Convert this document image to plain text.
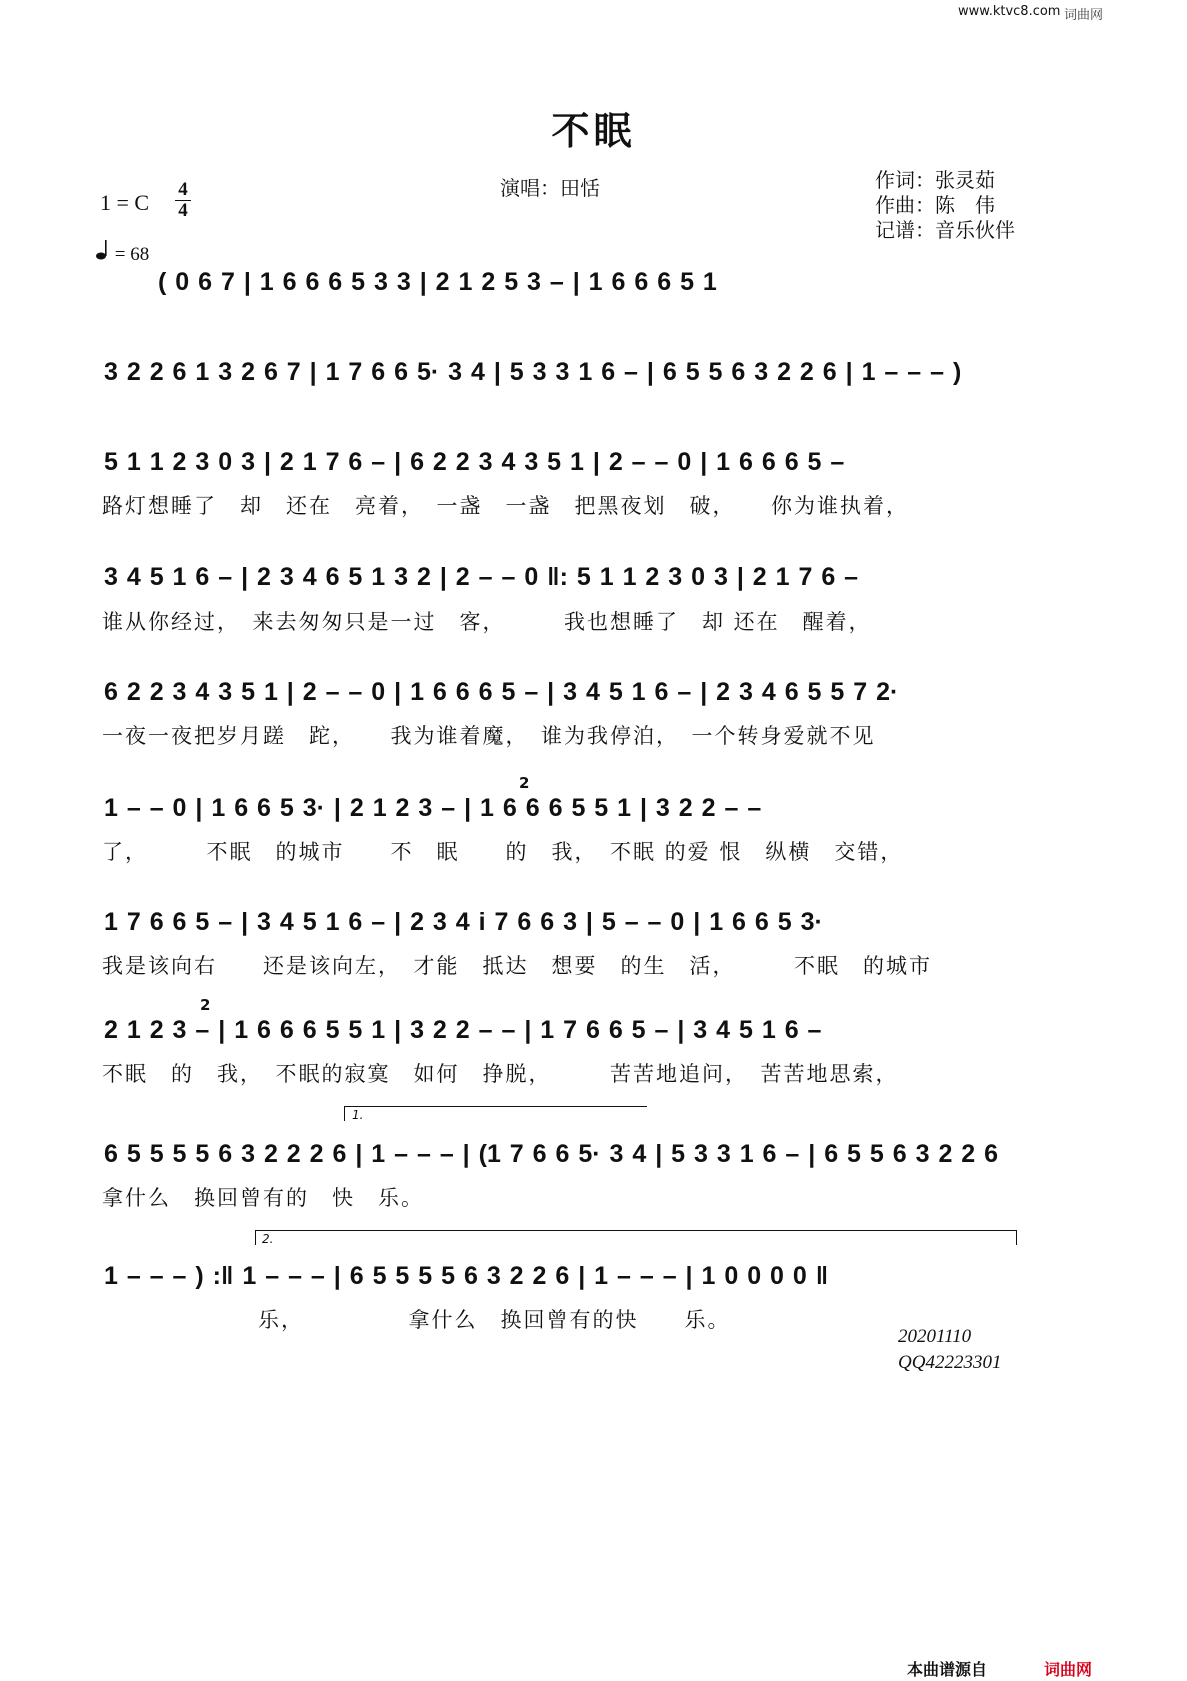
www.ktvc8.com 词曲网
不眠
演唱：田恬	作词：张灵茹
作曲：陈　伟
记谱：音乐伙伴
1 = C
4
4
= 68
( 0 6 7 | 1 6 6 6 5 3 3 | 2 1 2 5 3 – | 1 6 6 6 5 1
3 2 2 6 1 3 2 6 7 | 1 7 6 6 5· 3 4 | 5 3 3 1 6 – | 6 5 5 6 3 2 2 6 | 1 – – – )
5 1 1 2 3 0 3 | 2 1 7 6 – | 6 2 2 3 4 3 5 1 | 2 – – 0 | 1 6 6 6 5 –
路灯想睡了　却　还在　亮着，　一盏　一盏　把黑夜划　破，　　你为谁执着，
3 4 5 1 6 – | 2 3 4 6 5 1 3 2 | 2 – – 0 ‖: 5 1 1 2 3 0 3 | 2 1 7 6 –
谁从你经过，　来去匆匆只是一过　客，　　　我也想睡了　却 还在　醒着，
6 2 2 3 4 3 5 1 | 2 – – 0 | 1 6 6 6 5 – | 3 4 5 1 6 – | 2 3 4 6 5 5 7 2·
一夜一夜把岁月蹉　跎，　　我为谁着魔，　谁为我停泊，　一个转身爱就不见
1 – – 0 | 1 6 6 5 3· | 2 1 2 3 – | 1 6 6 6 5 5 1 | 3 2 2 – –
了，　　　不眠　的城市　　不　眠　　的　我，　不眠 的爱 恨　纵横　交错，
2
1 7 6 6 5 – | 3 4 5 1 6 – | 2 3 4 i 7 6 6 3 | 5 – – 0 | 1 6 6 5 3·
我是该向右　　还是该向左，　才能　抵达　想要　的生　活，　　　不眠　的城市
2 1 2 3 – | 1 6 6 6 5 5 1 | 3 2 2 – – | 1 7 6 6 5 – | 3 4 5 1 6 –
不眠　的　我，　不眠的寂寞　如何　挣脱，　　　苦苦地追问，　苦苦地思索，
2
1.
6 5 5 5 5 6 3 2 2 2 6 | 1 – – – | (1 7 6 6 5· 3 4 | 5 3 3 1 6 – | 6 5 5 6 3 2 2 6
拿什么　换回曾有的　快　乐。
2.
1 – – – ) :‖ 1 – – – | 6 5 5 5 5 6 3 2 2 6 | 1 – – – | 1 0 0 0 0 ‖
乐，　　　　　拿什么　换回曾有的快　　乐。
20201110
QQ42223301
本曲谱源自	词曲网
